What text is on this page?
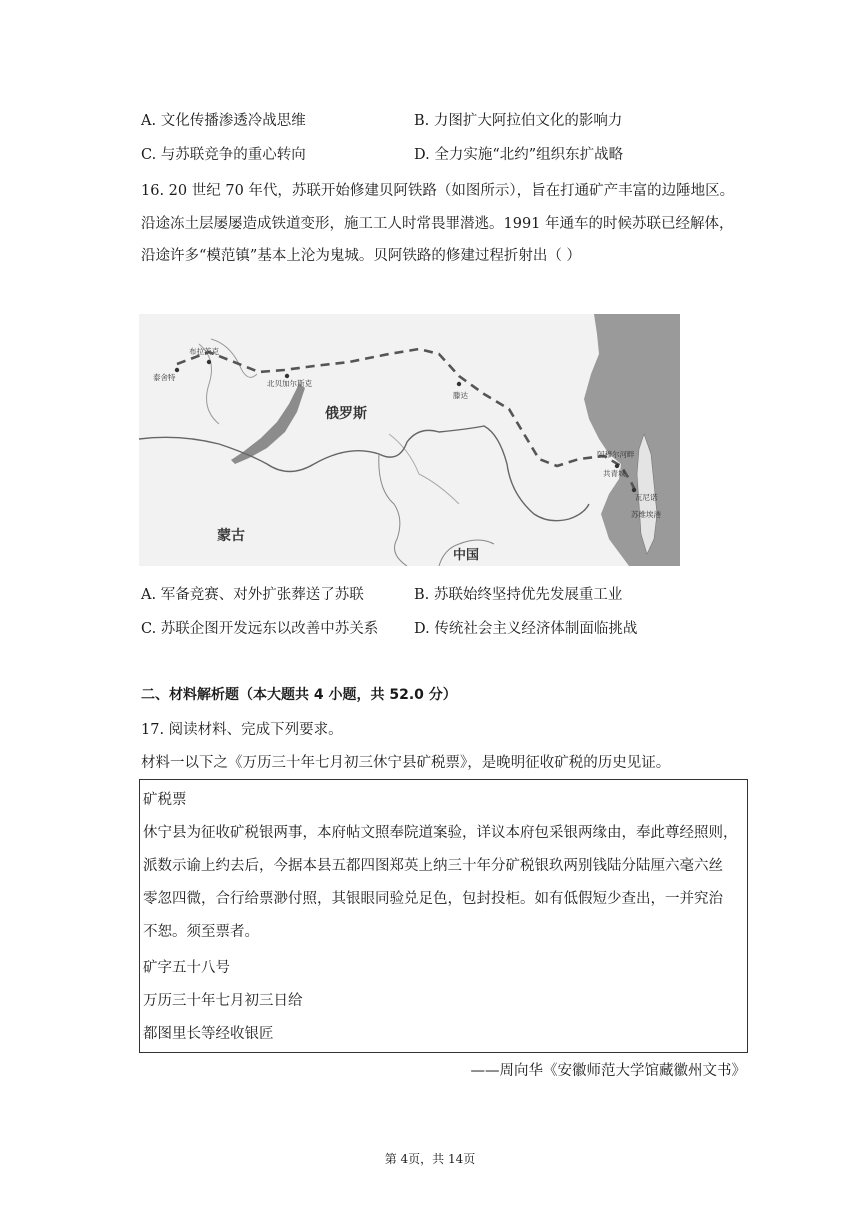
A. 文化传播渗透冷战思维	B. 力图扩大阿拉伯文化的影响力
C. 与苏联竞争的重心转向	D. 全力实施“北约”组织东扩战略
16. 20 世纪 70 年代，苏联开始修建贝阿铁路（如图所示），旨在打通矿产丰富的边陲地区。
沿途冻土层屡屡造成铁道变形，施工工人时常畏罪潜逃。1991 年通车的时候苏联已经解体，
沿途许多“模范镇”基本上沦为鬼城。贝阿铁路的修建过程折射出（ ）
布拉茨克
泰舍特
北贝加尔斯克
俄罗斯
滕达
阿穆尔河畔
共青城
瓦尼诺
苏维埃港
蒙古
中国
A. 军备竞赛、对外扩张葬送了苏联	B. 苏联始终坚持优先发展重工业
C. 苏联企图开发远东以改善中苏关系 D. 传统社会主义经济体制面临挑战
二、材料解析题（本大题共 4 小题，共 52.0 分）
17. 阅读材料、完成下列要求。
材料一以下之《万历三十年七月初三休宁县矿税票》，是晚明征收矿税的历史见证。
矿税票
休宁县为征收矿税银两事，本府帖文照奉院道案验，详议本府包采银两缘由，奉此尊经照则，
派数示谕上约去后，今据本县五都四图郑英上纳三十年分矿税银玖两别钱陆分陆厘六毫六丝
零忽四微，合行给票渺付照，其银眼同验兑足色，包封投柜。如有低假短少查出，一并究治
不恕。须至票者。
矿字五十八号
万历三十年七月初三日给
都图里长等经收银匠
——周向华《安徽师范大学馆藏徽州文书》
第 4页，共 14页
